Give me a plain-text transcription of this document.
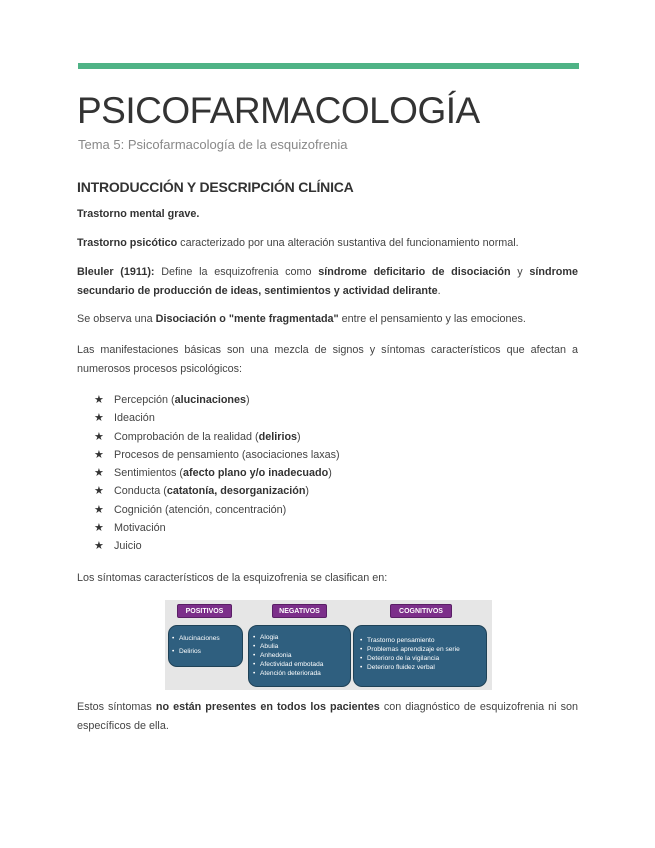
PSICOFARMACOLOGÍA
Tema 5: Psicofarmacología de la esquizofrenia
INTRODUCCIÓN Y DESCRIPCIÓN CLÍNICA

Trastorno mental grave.

Trastorno psicótico caracterizado por una alteración sustantiva del funcionamiento normal.

Bleuler (1911): Define la esquizofrenia como síndrome deficitario de disociación y síndrome secundario de producción de ideas, sentimientos y actividad delirante.

Se observa una Disociación o "mente fragmentada" entre el pensamiento y las emociones.

Las manifestaciones básicas son una mezcla de signos y síntomas característicos que afectan a numerosos procesos psicológicos:

★ Percepción (alucinaciones)
★ Ideación
★ Comprobación de la realidad (delirios)
★ Procesos de pensamiento (asociaciones laxas)
★ Sentimientos (afecto plano y/o inadecuado)
★ Conducta (catatonía, desorganización)
★ Cognición (atención, concentración)
★ Motivación
★ Juicio

Los síntomas característicos de la esquizofrenia se clasifican en:

POSITIVOS	NEGATIVOS	COGNITIVOS
• Alucinaciones
• Delirios
• Alogia
• Abulia
• Anhedonia
• Afectividad embotada
• Atención deteriorada
• Trastorno pensamiento
• Problemas aprendizaje en serie
• Deterioro de la vigilancia
• Deterioro fluidez verbal

Estos síntomas no están presentes en todos los pacientes con diagnóstico de esquizofrenia ni son específicos de ella.
